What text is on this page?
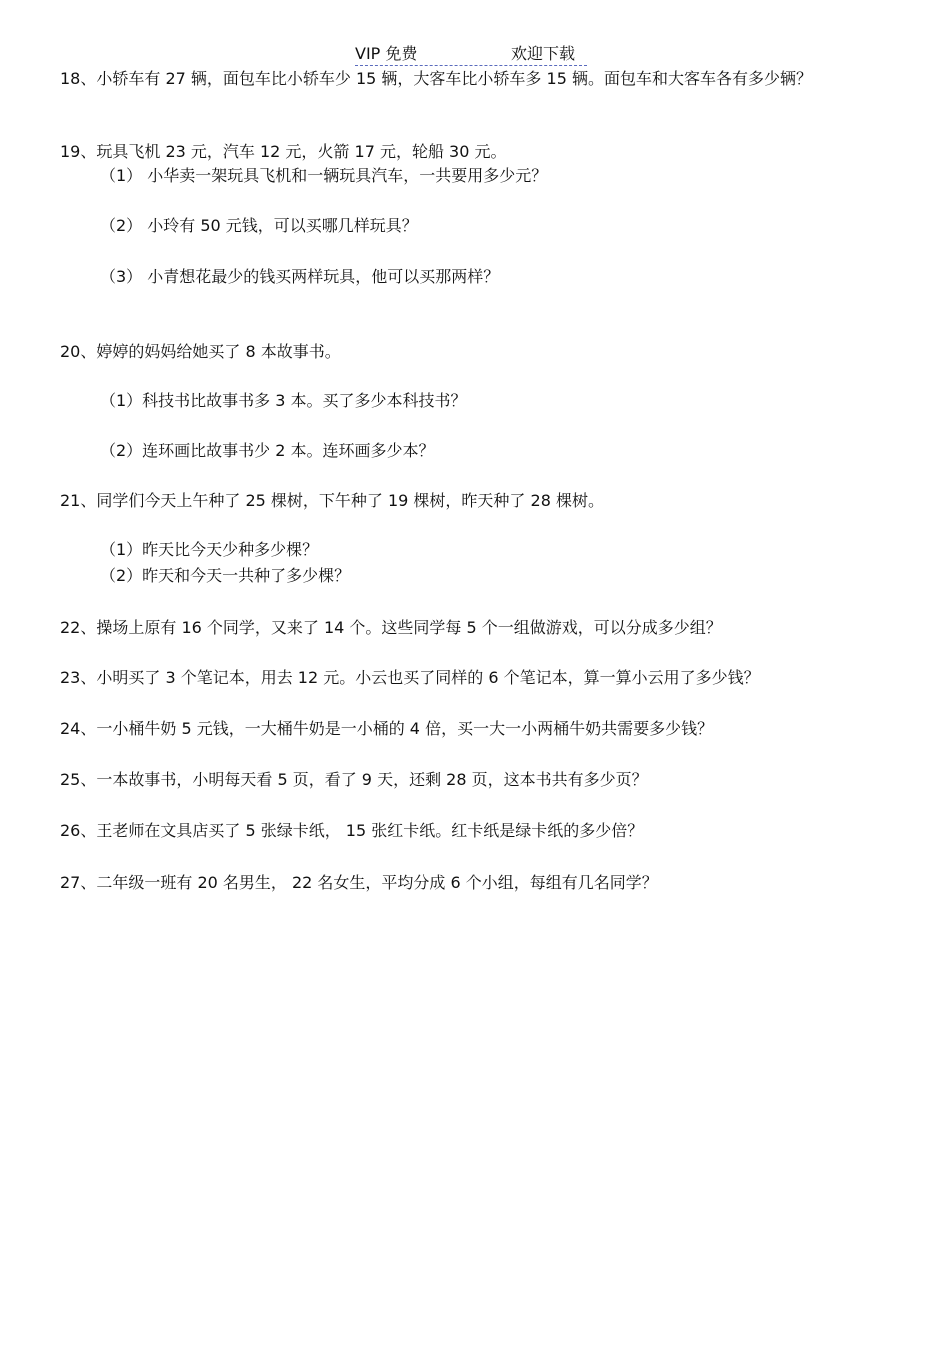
VIP 免费	欢迎下载
18、小轿车有 27 辆，面包车比小轿车少 15 辆，大客车比小轿车多 15 辆。面包车和大客车各有多少辆？
19、玩具飞机 23 元，汽车 12 元，火箭 17 元，轮船 30 元。
（1） 小华卖一架玩具飞机和一辆玩具汽车，一共要用多少元？
（2） 小玲有 50 元钱，可以买哪几样玩具？
（3） 小青想花最少的钱买两样玩具，他可以买那两样？
20、婷婷的妈妈给她买了 8 本故事书。
（1）科技书比故事书多 3 本。买了多少本科技书？
（2）连环画比故事书少 2 本。连环画多少本？
21、同学们今天上午种了 25 棵树，下午种了 19 棵树，昨天种了 28 棵树。
（1）昨天比今天少种多少棵？
（2）昨天和今天一共种了多少棵？
22、操场上原有 16 个同学，又来了 14 个。这些同学每 5 个一组做游戏，可以分成多少组？
23、小明买了 3 个笔记本，用去 12 元。小云也买了同样的 6 个笔记本，算一算小云用了多少钱？
24、一小桶牛奶 5 元钱，一大桶牛奶是一小桶的 4 倍，买一大一小两桶牛奶共需要多少钱？
25、一本故事书，小明每天看 5 页，看了 9 天，还剩 28 页，这本书共有多少页？
26、王老师在文具店买了 5 张绿卡纸， 15 张红卡纸。红卡纸是绿卡纸的多少倍？
27、二年级一班有 20 名男生， 22 名女生，平均分成 6 个小组，每组有几名同学？
